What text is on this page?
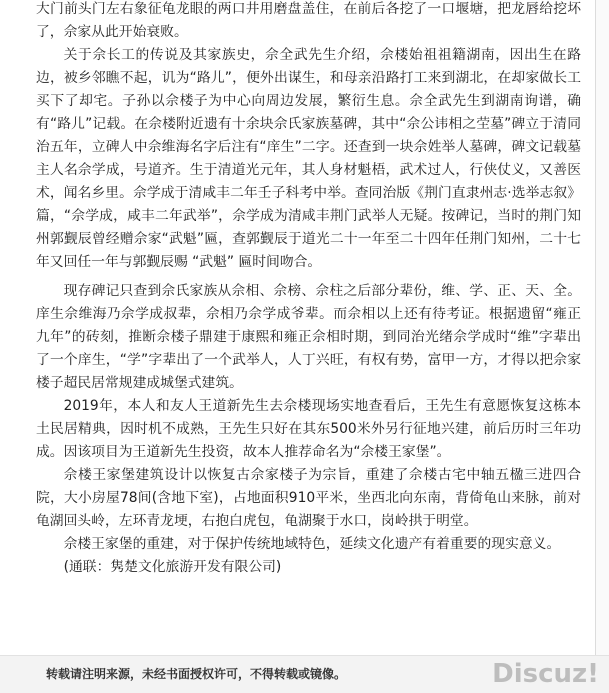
大门前头门左右象征龟龙眼的两口井用磨盘盖住，在前后各挖了一口堰塘，把龙唇给挖坏了，佘家从此开始衰败。

关于佘长工的传说及其家族史，佘全武先生介绍，佘楼始祖祖籍湖南，因出生在路边，被乡邻瞧不起，讥为“路儿”，便外出谋生，和母亲沿路打工来到湖北，在却家做长工买下了却宅。子孙以佘楼子为中心向周边发展，繁衍生息。佘全武先生到湖南询谱，确有“路儿”记载。在佘楼附近遗有十余块佘氏家族墓碑，其中“佘公讳相之茔墓”碑立于清同治五年，立碑人中佘维海名字后注有“庠生”二字。还查到一块佘姓举人墓碑，碑文记载墓主人名佘学成，号道齐。生于清道光元年，其人身材魁梧，武术过人，行侠仗义，又善医术，闻名乡里。佘学成于清咸丰二年壬子科考中举。查同治版《荆门直隶州志·选举志叙》篇，“佘学成，咸丰二年武举”，佘学成为清咸丰荆门武举人无疑。按碑记，当时的荆门知州郭觐辰曾经赠佘家“武魁”匾，查郭觐辰于道光二十一年至二十四年任荆门知州，二十七年又回任一年与郭觐辰赐 “武魁” 匾时间吻合。

现存碑记只查到佘氏家族从佘相、佘榜、佘柱之后部分辈份，维、学、正、天、全。庠生佘维海乃佘学成叔辈，佘相乃佘学成爷辈。而佘相以上还有待考证。根据遗留“雍正九年”的砖刻，推断佘楼子鼎建于康熙和雍正佘相时期，到同治光绪佘学成时“维”字辈出了一个庠生，“学”字辈出了一个武举人，人丁兴旺，有权有势，富甲一方，才得以把佘家楼子超民居常规建成城堡式建筑。

2019年，本人和友人王道新先生去佘楼现场实地查看后，王先生有意愿恢复这栋本土民居精典，因时机不成熟，王先生只好在其东500米外另行征地兴建，前后历时三年功成。因该项目为王道新先生投资，故本人推荐命名为“佘楼王家堡”。

佘楼王家堡建筑设计以恢复古佘家楼子为宗旨，重建了佘楼古宅中轴五楹三进四合院，大小房屋78间(含地下室)，占地面积910平米，坐西北向东南，背倚龟山来脉，前对龟湖回头岭，左环青龙埂，右抱白虎包，龟湖聚于水口，岗岭拱于明堂。

佘楼王家堡的重建，对于保护传统地域特色，延续文化遗产有着重要的现实意义。

(通联：隽楚文化旅游开发有限公司)

转载请注明来源，未经书面授权许可，不得转载或镜像。	Discuz!
